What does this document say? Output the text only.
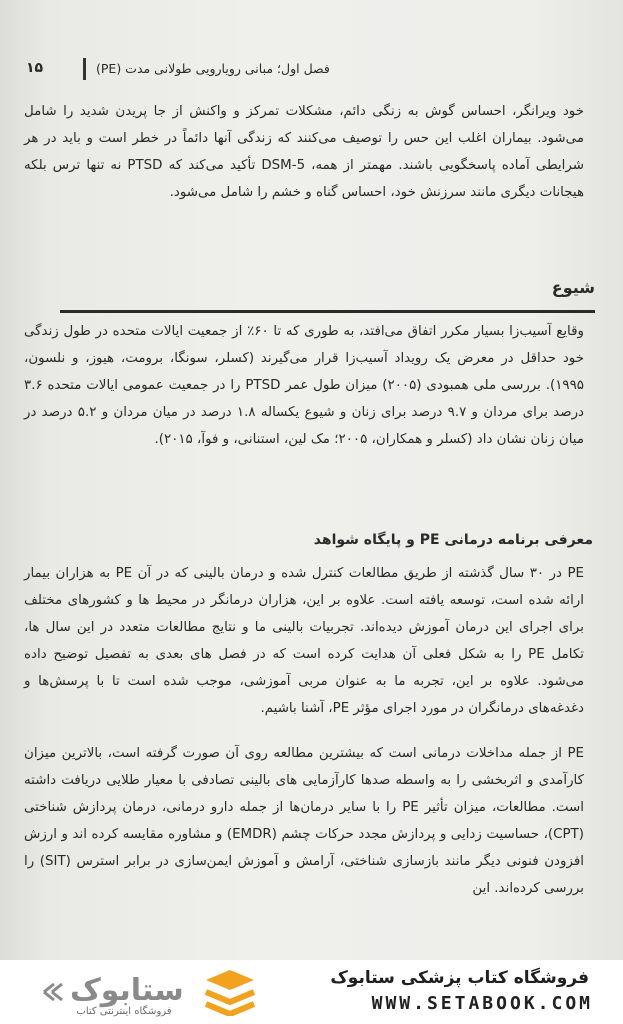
۱۵	فصل اول؛ مبانی رویارویی طولانی مدت (PE)
خود ویرانگر، احساس گوش به زنگی دائم، مشکلات تمرکز و واکنش از جا پریدن شدید را شامل می‌شود. بیماران اغلب این حس را توصیف می‌کنند که زندگی آنها دائماً در خطر است و باید در هر شرایطی آماده پاسخگویی باشند. مهمتر از همه، DSM-5 تأکید می‌کند که PTSD نه تنها ترس بلکه هیجانات دیگری مانند سرزنش خود، احساس گناه و خشم را شامل می‌شود.
شیوع
وقایع آسیب‌زا بسیار مکرر اتفاق می‌افتد، به طوری که تا ۶۰٪ از جمعیت ایالات متحده در طول زندگی خود حداقل در معرض یک رویداد آسیب‌زا قرار می‌گیرند (کسلر، سونگا، برومت، هیوز، و نلسون، ۱۹۹۵). بررسی ملی همبودی (۲۰۰۵) میزان طول عمر PTSD را در جمعیت عمومی ایالات متحده ۳.۶ درصد برای مردان و ۹.۷ درصد برای زنان و شیوع یکساله ۱.۸ درصد در میان مردان و ۵.۲ درصد در میان زنان نشان داد (کسلر و همکاران، ۲۰۰۵؛ مک لین، استنانی، و فوآ، ۲۰۱۵).
معرفی برنامه درمانی PE و پایگاه شواهد
PE در ۳۰ سال گذشته از طریق مطالعات کنترل شده و درمان بالینی که در آن PE به هزاران بیمار ارائه شده است، توسعه یافته است. علاوه بر این، هزاران درمانگر در محیط ها و کشورهای مختلف برای اجرای این درمان آموزش دیده‌اند. تجربیات بالینی ما و نتایج مطالعات متعدد در این سال ها، تکامل PE را به شکل فعلی آن هدایت کرده است که در فصل های بعدی به تفصیل توضیح داده می‌شود. علاوه بر این، تجربه ما به عنوان مربی آموزشی، موجب شده است تا با پرسش‌ها و دغدغه‌های درمانگران در مورد اجرای مؤثر PE، آشنا باشیم.
PE از جمله مداخلات درمانی است که بیشترین مطالعه روی آن صورت گرفته است، بالاترین میزان کارآمدی و اثربخشی را به واسطه صدها کارآزمایی های بالینی تصادفی با معیار طلایی دریافت داشته است. مطالعات، میزان تأثیر PE را با سایر درمان‌ها از جمله دارو درمانی، درمان پردازش شناختی (CPT)، حساسیت زدایی و پردازش مجدد حرکات چشم (EMDR) و مشاوره مقایسه کرده اند و ارزش افزودن فنونی دیگر مانند بازسازی شناختی، آرامش و آموزش ایمن‌سازی در برابر استرس (SIT) را بررسی کرده‌اند. این
ستابوک
فروشگاه اینترنتی کتاب
فروشگاه کتاب پزشکی ستابوک
WWW.SETABOOK.COM
